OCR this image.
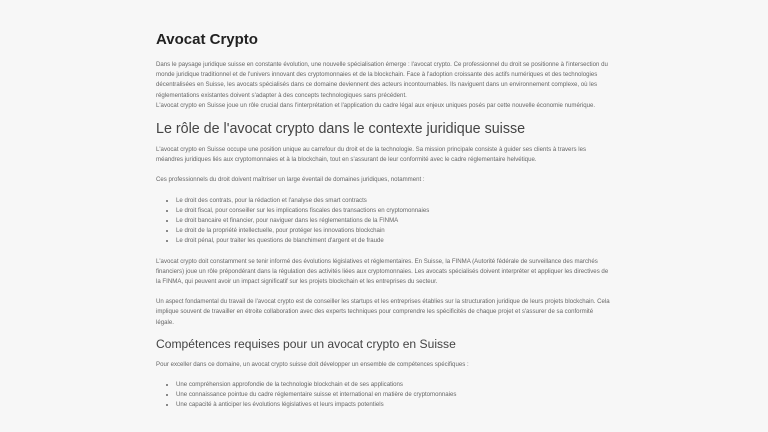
Avocat Crypto

Dans le paysage juridique suisse en constante évolution, une nouvelle spécialisation émerge : l'avocat crypto. Ce professionnel du droit se positionne à l'intersection du monde juridique traditionnel et de l'univers innovant des cryptomonnaies et de la blockchain. Face à l'adoption croissante des actifs numériques et des technologies décentralisées en Suisse, les avocats spécialisés dans ce domaine deviennent des acteurs incontournables. Ils naviguent dans un environnement complexe, où les réglementations existantes doivent s'adapter à des concepts technologiques sans précédent.

L'avocat crypto en Suisse joue un rôle crucial dans l'interprétation et l'application du cadre légal aux enjeux uniques posés par cette nouvelle économie numérique.

Le rôle de l'avocat crypto dans le contexte juridique suisse

L'avocat crypto en Suisse occupe une position unique au carrefour du droit et de la technologie. Sa mission principale consiste à guider ses clients à travers les méandres juridiques liés aux cryptomonnaies et à la blockchain, tout en s'assurant de leur conformité avec le cadre réglementaire helvétique.

Ces professionnels du droit doivent maîtriser un large éventail de domaines juridiques, notamment :

• Le droit des contrats, pour la rédaction et l'analyse des smart contracts
• Le droit fiscal, pour conseiller sur les implications fiscales des transactions en cryptomonnaies
• Le droit bancaire et financier, pour naviguer dans les réglementations de la FINMA
• Le droit de la propriété intellectuelle, pour protéger les innovations blockchain
• Le droit pénal, pour traiter les questions de blanchiment d'argent et de fraude

L'avocat crypto doit constamment se tenir informé des évolutions législatives et réglementaires. En Suisse, la FINMA (Autorité fédérale de surveillance des marchés financiers) joue un rôle prépondérant dans la régulation des activités liées aux cryptomonnaies. Les avocats spécialisés doivent interpréter et appliquer les directives de la FINMA, qui peuvent avoir un impact significatif sur les projets blockchain et les entreprises du secteur.

Un aspect fondamental du travail de l'avocat crypto est de conseiller les startups et les entreprises établies sur la structuration juridique de leurs projets blockchain. Cela implique souvent de travailler en étroite collaboration avec des experts techniques pour comprendre les spécificités de chaque projet et s'assurer de sa conformité légale.

Compétences requises pour un avocat crypto en Suisse

Pour exceller dans ce domaine, un avocat crypto suisse doit développer un ensemble de compétences spécifiques :

• Une compréhension approfondie de la technologie blockchain et de ses applications
• Une connaissance pointue du cadre réglementaire suisse et international en matière de cryptomonnaies
• Une capacité à anticiper les évolutions législatives et leurs impacts potentiels
